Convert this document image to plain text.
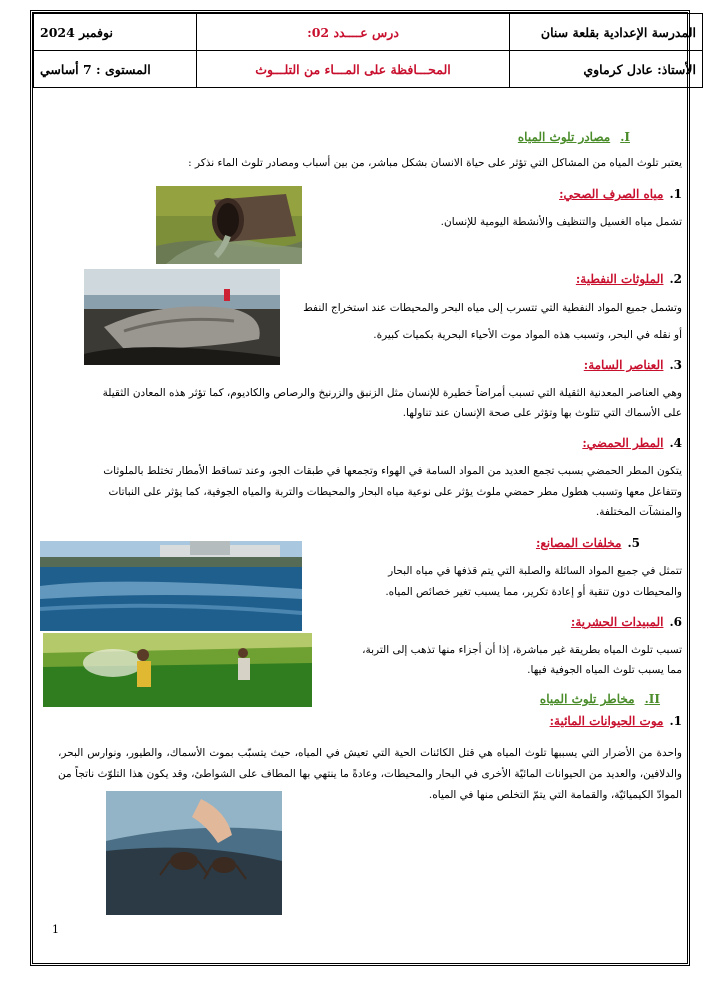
نوفمبر 2024	درس عــــدد 02:	المدرسة الإعدادية بقلعة سنان
المستوى : 7 أساسي	المحـــافظة على المـــاء من التلـــوث	الأستاذ: عادل كرماوي
I.مصادر تلوث المياه
يعتبر تلوث المياه من المشاكل التي تؤثر على حياة الانسان بشكل مباشر، من بين أسباب ومصادر تلوث الماء نذكر :
1.مياه الصرف الصحي:
تشمل مياه الغسيل والتنظيف والأنشطة اليومية للإنسان.
2.الملوثات النفطية:
وتشمل جميع المواد النفطية التي تتسرب إلى مياه البحر والمحيطات عند استخراج النفط
أو نقله في البحر، وتسبب هذه المواد موت الأحياء البحرية بكميات كبيرة.
3.العناصر السامة:
وهي العناصر المعدنية الثقيلة التي تسبب أمراضاً خطيرة للإنسان مثل الزنبق والزرنيخ والرصاص والكاديوم، كما تؤثر هذه المعادن الثقيلة
على الأسماك التي تتلوث بها وتؤثر على صحة الإنسان عند تناولها.
4.المطر الحمضي:
يتكون المطر الحمضي بسبب تجمع العديد من المواد السامة في الهواء وتجمعها في طبقات الجو، وعند تساقط الأمطار تختلط بالملوثات
وتتفاعل معها وتسبب هطول مطر حمضي ملوث يؤثر على نوعية مياه البحار والمحيطات والتربة والمياه الجوفية، كما يؤثر على النباتات
والمنشآت المختلفة.
5.مخلفات المصانع:
تتمثل في جميع المواد السائلة والصلبة التي يتم قذفها في مياه البحار
والمحيطات دون تنقية أو إعادة تكرير، مما يسبب تغير خصائص المياه.
6.المبيدات الحشرية:
تسبب تلوث المياه بطريقة غير مباشرة، إذا أن أجزاء منها تذهب إلى التربة،
مما يسبب تلوث المياه الجوفية فيها.
II.مخاطر تلوث المياه
1.موت الحيوانات المائية:
واحدة من الأضرار التي يسببها تلوث المياه هي قتل الكائنات الحية التي تعيش في المياه، حيث يتسبّب بموت الأسماك، والطيور، ونوارس البحر، والدلافين، والعديد من الحيوانات المائيّة الأخرى في البحار والمحيطات، وعادةً ما ينتهي بها المطاف على الشواطئ، وقد يكون هذا التلوّث ناتجاً من الموادّ الكيميائيّة، والقمامة التي يتمّ التخلص منها في المياه.
1
